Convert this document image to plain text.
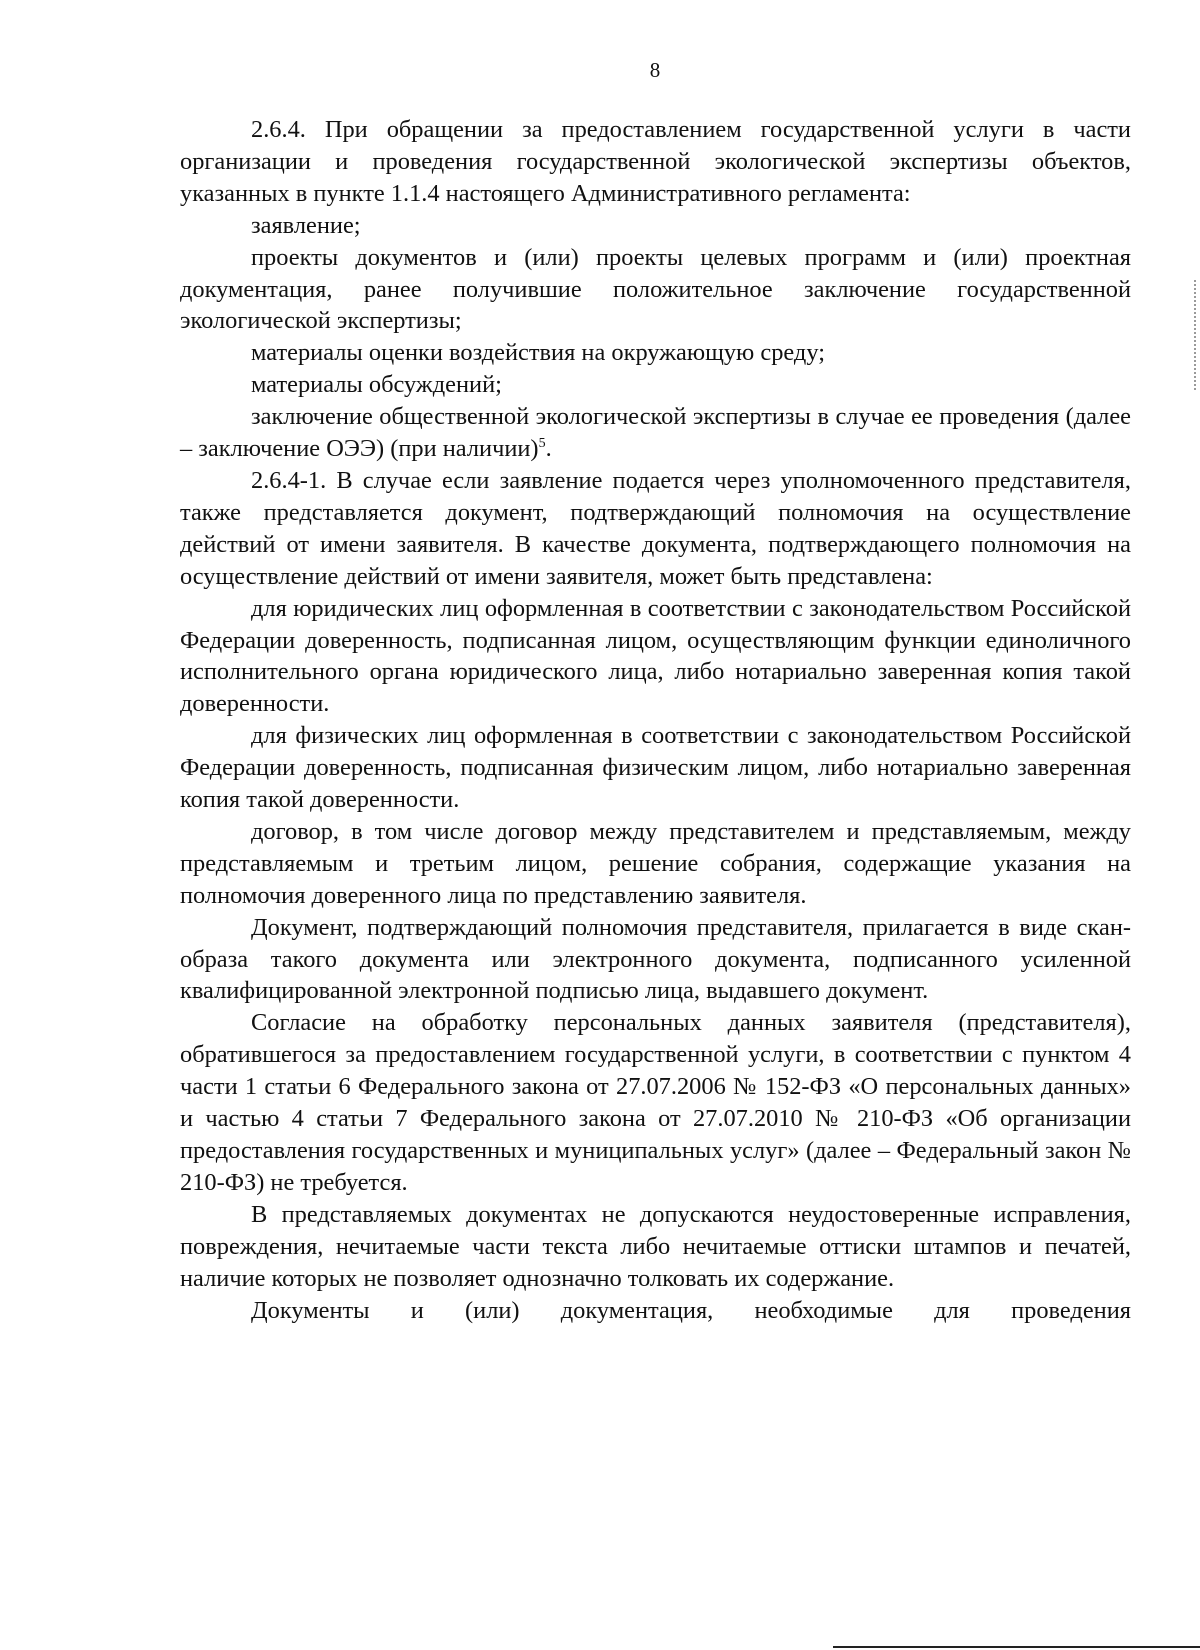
8

2.6.4. При обращении за предоставлением государственной услуги в части организации и проведения государственной экологической экспертизы объектов, указанных в пункте 1.1.4 настоящего Административного регламента:

заявление;

проекты документов и (или) проекты целевых программ и (или) проектная документация, ранее получившие положительное заключение государственной экологической экспертизы;

материалы оценки воздействия на окружающую среду;

материалы обсуждений;

заключение общественной экологической экспертизы в случае ее проведения (далее – заключение ОЭЭ) (при наличии)$^5$.

2.6.4-1. В случае если заявление подается через уполномоченного представителя, также представляется документ, подтверждающий полномочия на осуществление действий от имени заявителя. В качестве документа, подтверждающего полномочия на осуществление действий от имени заявителя, может быть представлена:

для юридических лиц оформленная в соответствии с законодательством Российской Федерации доверенность, подписанная лицом, осуществляющим функции единоличного исполнительного органа юридического лица, либо нотариально заверенная копия такой доверенности.

для физических лиц оформленная в соответствии с законодательством Российской Федерации доверенность, подписанная физическим лицом, либо нотариально заверенная копия такой доверенности.

договор, в том числе договор между представителем и представляемым, между представляемым и третьим лицом, решение собрания, содержащие указания на полномочия доверенного лица по представлению заявителя.

Документ, подтверждающий полномочия представителя, прилагается в виде скан-образа такого документа или электронного документа, подписанного усиленной квалифицированной электронной подписью лица, выдавшего документ.

Согласие на обработку персональных данных заявителя (представителя), обратившегося за предоставлением государственной услуги, в соответствии с пунктом 4 части 1 статьи 6 Федерального закона от 27.07.2006 № 152-ФЗ «О персональных данных» и частью 4 статьи 7 Федерального закона от 27.07.2010 № 210-ФЗ «Об организации предоставления государственных и муниципальных услуг» (далее – Федеральный закон № 210-ФЗ) не требуется.

В представляемых документах не допускаются неудостоверенные исправления, повреждения, нечитаемые части текста либо нечитаемые оттиски штампов и печатей, наличие которых не позволяет однозначно толковать их содержание.

Документы и (или) документация, необходимые для проведения
